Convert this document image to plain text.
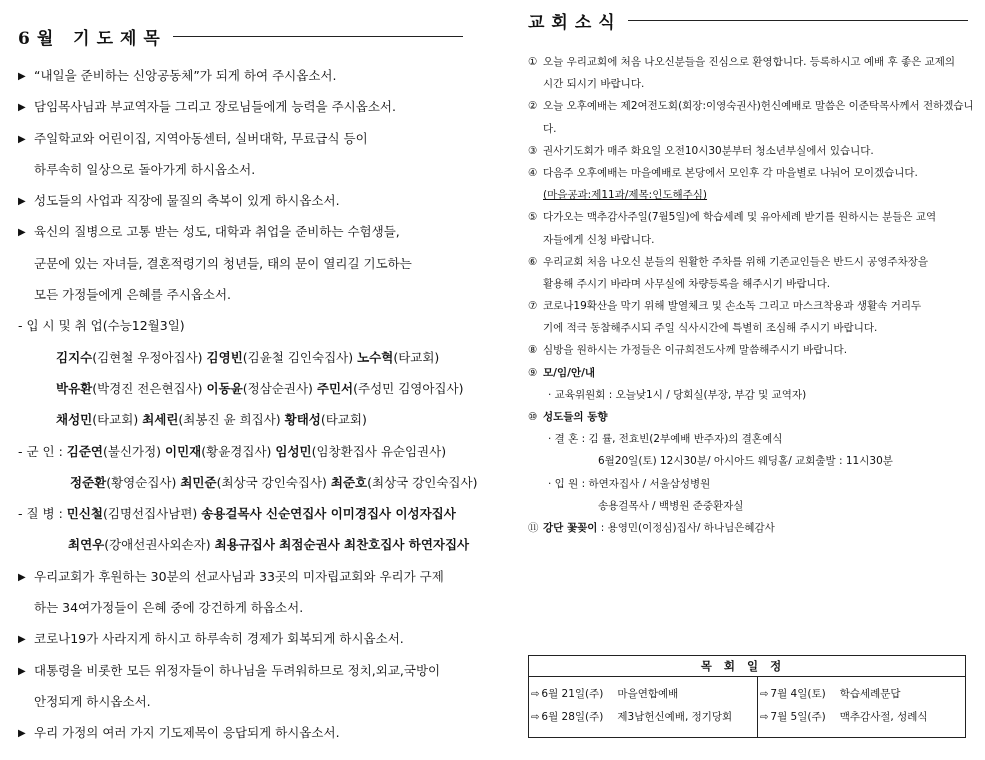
6월 기도제목
▶ “내일을 준비하는 신앙공동체”가 되게 하여 주시옵소서.
▶ 담임목사님과 부교역자들 그리고 장로님들에게 능력을 주시옵소서.
▶ 주일학교와 어린이집, 지역아동센터, 실버대학, 무료급식 등이
하루속히 일상으로 돌아가게 하시옵소서.
▶ 성도들의 사업과 직장에 물질의 축복이 있게 하시옵소서.
▶ 육신의 질병으로 고통 받는 성도, 대학과 취업을 준비하는 수험생들,
군문에 있는 자녀들, 결혼적령기의 청년들, 태의 문이 열리길 기도하는
모든 가정들에게 은혜를 주시옵소서.
- 입 시 및 취 업(수능12월3일)
김지수(김현철 우정아집사) 김영빈(김윤철 김인숙집사) 노수혁(타교회)
박유환(박경진 전은현집사) 이동윤(정삼순권사) 주민서(주성민 김영아집사)
채성민(타교회) 최세린(최봉진 윤 희집사) 황태성(타교회)
- 군 인 : 김준연(불신가정) 이민재(황윤경집사) 임성민(임창환집사 유순임권사)
정준환(황영순집사) 최민준(최상국 강인숙집사) 최준호(최상국 강인숙집사)
- 질 병 : 민신철(김명선집사남편) 송용걸목사 신순연집사 이미경집사 이성자집사
최연우(강애선권사외손자) 최용규집사 최점순권사 최찬호집사 하연자집사
▶ 우리교회가 후원하는 30분의 선교사님과 33곳의 미자립교회와 우리가 구제
하는 34여가정들이 은혜 중에 강건하게 하옵소서.
▶ 코로나19가 사라지게 하시고 하루속히 경제가 회복되게 하시옵소서.
▶ 대통령을 비롯한 모든 위정자들이 하나님을 두려워하므로 정치,외교,국방이
안정되게 하시옵소서.
▶ 우리 가정의 여러 가지 기도제목이 응답되게 하시옵소서.
교회소식
① 오늘 우리교회에 처음 나오신분들을 진심으로 환영합니다. 등록하시고 예배 후 좋은 교제의
시간 되시기 바랍니다.
② 오늘 오후예배는 제2여전도회(회장:이영숙권사)헌신예배로 말씀은 이준탁목사께서 전하겠습니
다.
③ 권사기도회가 매주 화요일 오전10시30분부터 청소년부실에서 있습니다.
④ 다음주 오후예배는 마을예배로 본당에서 모인후 각 마을별로 나눠어 모이겠습니다.
(마을공과:제11과/제목:인도해주심)
⑤ 다가오는 맥추감사주일(7월5일)에 학습세례 및 유아세례 받기를 원하시는 분들은 교역
자들에게 신청 바랍니다.
⑥ 우리교회 처음 나오신 분들의 원활한 주차를 위해 기존교인들은 반드시 공영주차장을
활용해 주시기 바라며 사무실에 차량등록을 해주시기 바랍니다.
⑦ 코로나19확산을 막기 위해 발열체크 및 손소독 그리고 마스크착용과 생활속 거리두
기에 적극 동참해주시되 주일 식사시간에 특별히 조심해 주시기 바랍니다.
⑧ 심방을 원하시는 가정들은 이규희전도사께 말씀해주시기 바랍니다.
⑨ 모/임/안/내
· 교육위원회 : 오늘낮1시 / 당회실(부장, 부감 및 교역자)
⑩ 성도들의 동향
· 결 혼 : 김 률, 전효빈(2부예배 반주자)의 결혼예식
6월20일(토) 12시30분/ 아시아드 웨딩홀/ 교회출발 : 11시30분
· 입 원 : 하연자집사 / 서울삼성병원
송용걸목사 / 백병원 준중환자실
⑪ 강단 꽃꽂이 : 용영민(이정심)집사/ 하나님은혜감사
목회일정
⇨ 6월 21일(주) 마을연합예배
⇨ 6월 28일(주) 제3남헌신예배, 정기당회
⇨ 7월 4일(토) 학습세례문답
⇨ 7월 5일(주) 맥추감사절, 성례식
